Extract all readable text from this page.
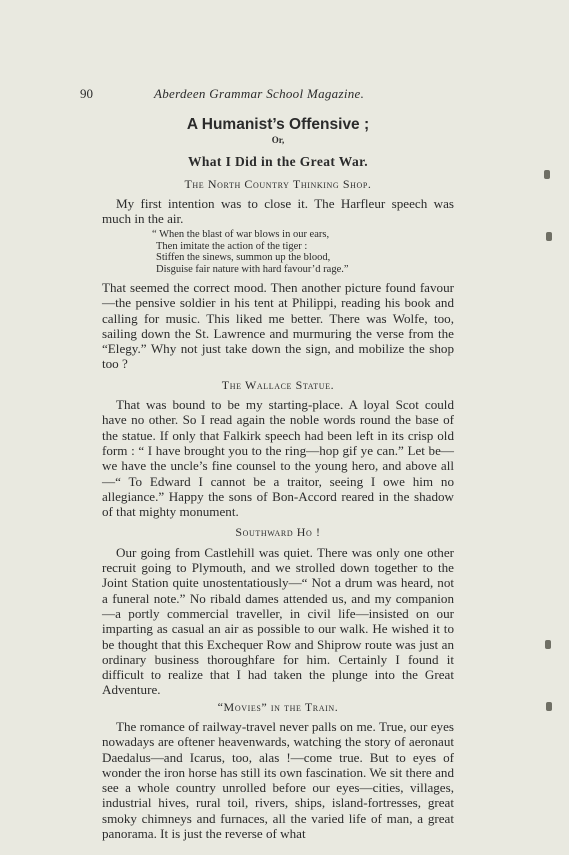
90	Aberdeen Grammar School Magazine.
A Humanist’s Offensive ;
Or,
What I Did in the Great War.
The North Country Thinking Shop.

My first intention was to close it. The Harfleur speech was much in the air.

“ When the blast of war blows in our ears,
Then imitate the action of the tiger :
Stiffen the sinews, summon up the blood,
Disguise fair nature with hard favour’d rage.”

That seemed the correct mood. Then another picture found favour—the pensive soldier in his tent at Philippi, reading his book and calling for music. This liked me better. There was Wolfe, too, sailing down the St. Lawrence and murmuring the verse from the “Elegy.” Why not just take down the sign, and mobilize the shop too ?

The Wallace Statue.

That was bound to be my starting-place. A loyal Scot could have no other. So I read again the noble words round the base of the statue. If only that Falkirk speech had been left in its crisp old form : “ I have brought you to the ring—hop gif ye can.” Let be—we have the uncle’s fine counsel to the young hero, and above all—“ To Edward I cannot be a traitor, seeing I owe him no allegiance.” Happy the sons of Bon-Accord reared in the shadow of that mighty monument.

Southward Ho !

Our going from Castlehill was quiet. There was only one other recruit going to Plymouth, and we strolled down together to the Joint Station quite unostentatiously—“ Not a drum was heard, not a funeral note.” No ribald dames attended us, and my companion—a portly commercial traveller, in civil life—insisted on our imparting as casual an air as possible to our walk. He wished it to be thought that this Exchequer Row and Shiprow route was just an ordinary business thoroughfare for him. Certainly I found it difficult to realize that I had taken the plunge into the Great Adventure.

“Movies” in the Train.

The romance of railway-travel never palls on me. True, our eyes nowadays are oftener heavenwards, watching the story of aeronaut Daedalus—and Icarus, too, alas !—come true. But to eyes of wonder the iron horse has still its own fascination. We sit there and see a whole country unrolled before our eyes—cities, villages, industrial hives, rural toil, rivers, ships, island-fortresses, great smoky chimneys and furnaces, all the varied life of man, a great panorama. It is just the reverse of what
